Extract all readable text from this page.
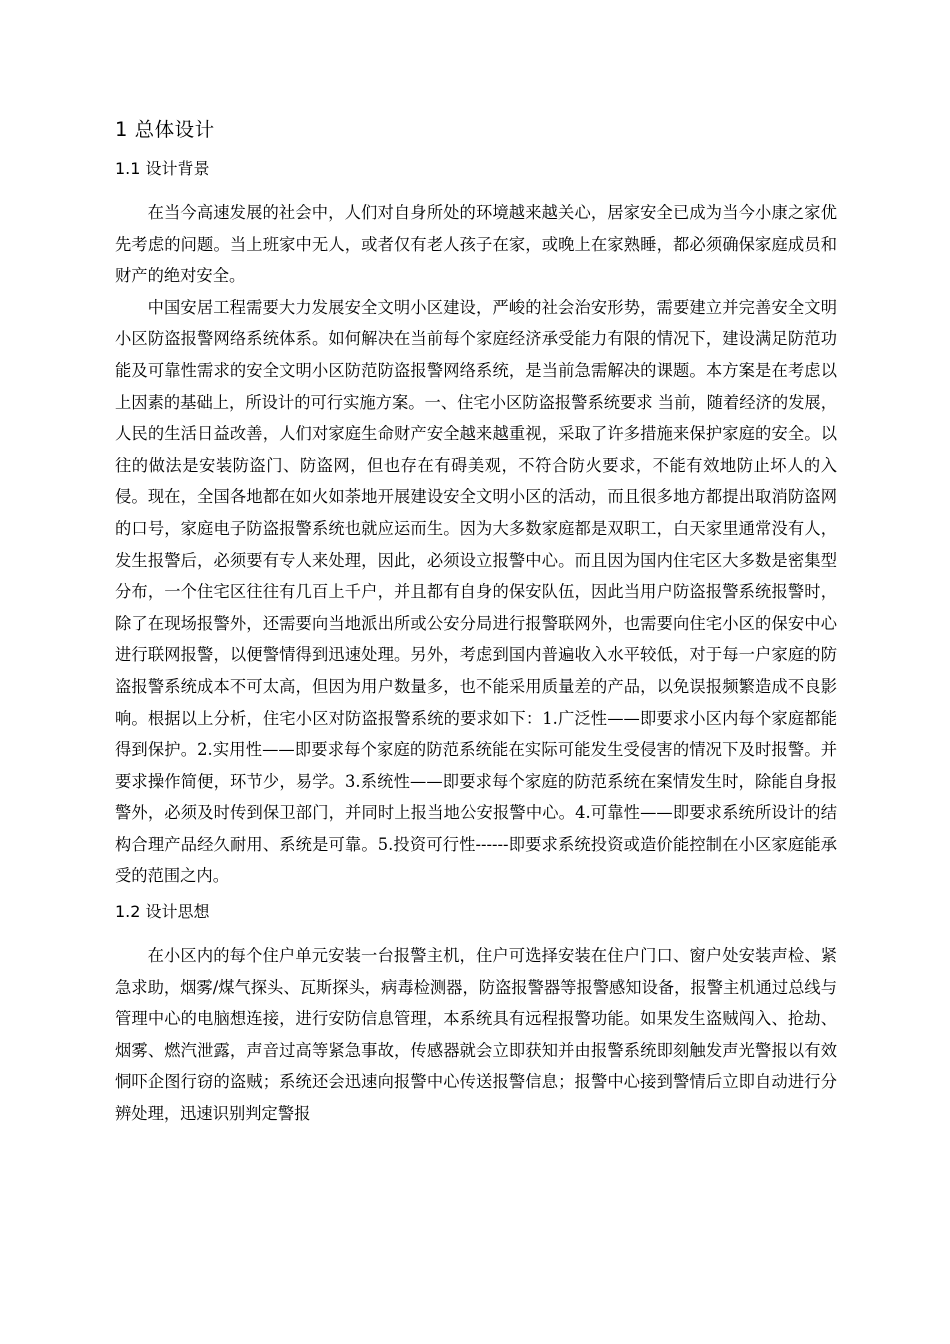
1 总体设计
1.1 设计背景

在当今高速发展的社会中，人们对自身所处的环境越来越关心，居家安全已成为当今小康之家优先考虑的问题。当上班家中无人，或者仅有老人孩子在家，或晚上在家熟睡，都必须确保家庭成员和财产的绝对安全。

中国安居工程需要大力发展安全文明小区建设，严峻的社会治安形势，需要建立并完善安全文明小区防盗报警网络系统体系。如何解决在当前每个家庭经济承受能力有限的情况下，建设满足防范功能及可靠性需求的安全文明小区防范防盗报警网络系统，是当前急需解决的课题。本方案是在考虑以上因素的基础上，所设计的可行实施方案。一、住宅小区防盗报警系统要求 当前，随着经济的发展，人民的生活日益改善，人们对家庭生命财产安全越来越重视，采取了许多措施来保护家庭的安全。以往的做法是安装防盗门、防盗网，但也存在有碍美观，不符合防火要求，不能有效地防止坏人的入侵。现在，全国各地都在如火如荼地开展建设安全文明小区的活动，而且很多地方都提出取消防盗网的口号，家庭电子防盗报警系统也就应运而生。因为大多数家庭都是双职工，白天家里通常没有人，发生报警后，必须要有专人来处理，因此，必须设立报警中心。而且因为国内住宅区大多数是密集型分布，一个住宅区往往有几百上千户，并且都有自身的保安队伍，因此当用户防盗报警系统报警时，除了在现场报警外，还需要向当地派出所或公安分局进行报警联网外，也需要向住宅小区的保安中心进行联网报警，以便警情得到迅速处理。另外，考虑到国内普遍收入水平较低，对于每一户家庭的防盗报警系统成本不可太高，但因为用户数量多，也不能采用质量差的产品，以免误报频繁造成不良影响。根据以上分析，住宅小区对防盗报警系统的要求如下：1.广泛性——即要求小区内每个家庭都能得到保护。2.实用性——即要求每个家庭的防范系统能在实际可能发生受侵害的情况下及时报警。并要求操作简便，环节少，易学。3.系统性——即要求每个家庭的防范系统在案情发生时，除能自身报警外，必须及时传到保卫部门，并同时上报当地公安报警中心。4.可靠性——即要求系统所设计的结构合理产品经久耐用、系统是可靠。5.投资可行性------即要求系统投资或造价能控制在小区家庭能承受的范围之内。

1.2 设计思想

在小区内的每个住户单元安装一台报警主机，住户可选择安装在住户门口、窗户处安装声检、紧急求助，烟雾/煤气探头、瓦斯探头，病毒检测器，防盗报警器等报警感知设备，报警主机通过总线与管理中心的电脑想连接，进行安防信息管理，本系统具有远程报警功能。如果发生盗贼闯入、抢劫、烟雾、燃汽泄露，声音过高等紧急事故，传感器就会立即获知并由报警系统即刻触发声光警报以有效恫吓企图行窃的盗贼；系统还会迅速向报警中心传送报警信息；报警中心接到警情后立即自动进行分辨处理，迅速识别判定警报
